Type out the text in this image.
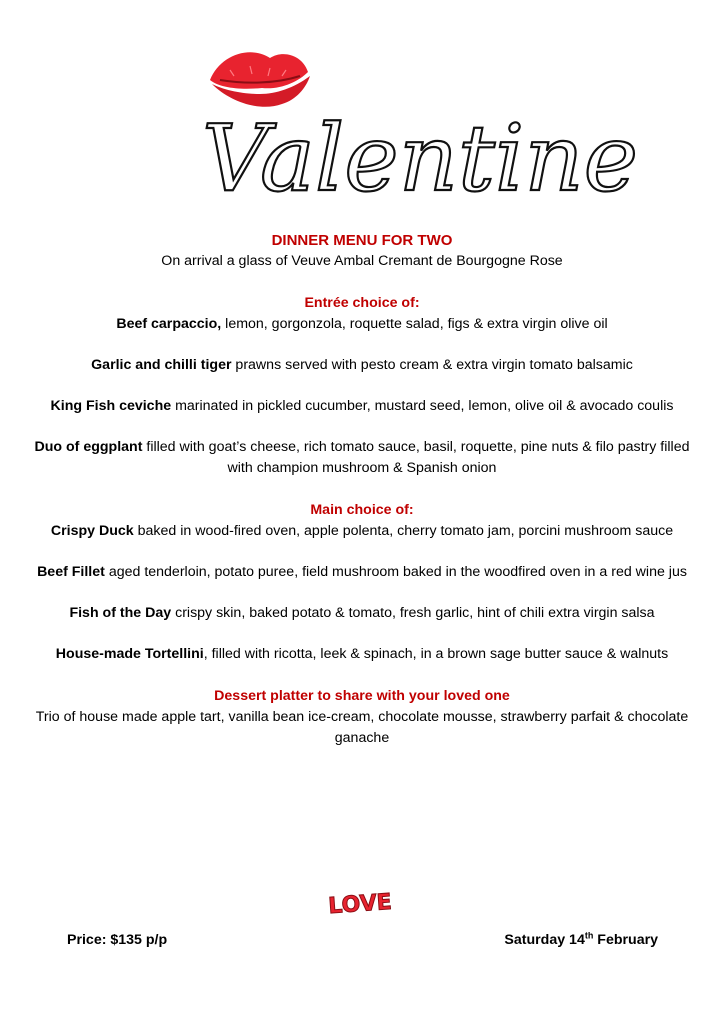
Valentine
DINNER MENU FOR TWO
On arrival a glass of Veuve Ambal Cremant de Bourgogne Rose
Entrée choice of:
Beef carpaccio, lemon, gorgonzola, roquette salad, figs & extra virgin olive oil
Garlic and chilli tiger prawns served with pesto cream & extra virgin tomato balsamic
King Fish ceviche marinated in pickled cucumber, mustard seed, lemon, olive oil & avocado coulis
Duo of eggplant filled with goat’s cheese, rich tomato sauce, basil, roquette, pine nuts & filo pastry filled with champion mushroom & Spanish onion
Main choice of:
Crispy Duck baked in wood-fired oven, apple polenta, cherry tomato jam, porcini mushroom sauce
Beef Fillet aged tenderloin, potato puree, field mushroom baked in the woodfired oven in a red wine jus
Fish of the Day crispy skin, baked potato & tomato, fresh garlic, hint of chili extra virgin salsa
House-made Tortellini, filled with ricotta, leek & spinach, in a brown sage butter sauce & walnuts
Dessert platter to share with your loved one
Trio of house made apple tart, vanilla bean ice-cream, chocolate mousse, strawberry parfait & chocolate ganache
LOVE
Price: $135 p/p	Saturday 14th February
